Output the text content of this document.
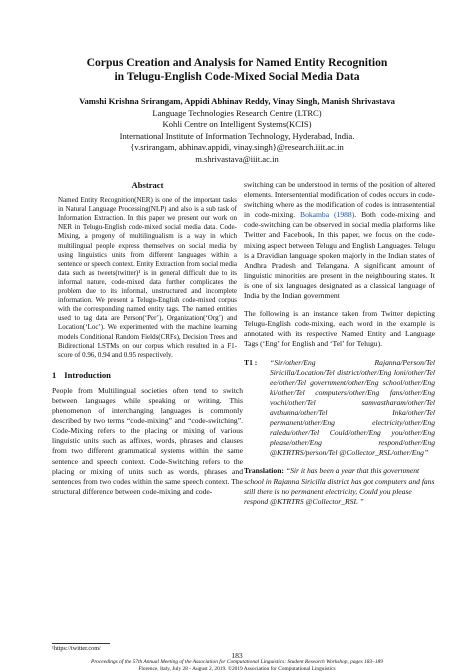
Corpus Creation and Analysis for Named Entity Recognition
in Telugu-English Code-Mixed Social Media Data
Vamshi Krishna Srirangam, Appidi Abhinav Reddy, Vinay Singh, Manish Shrivastava
Language Technologies Research Centre (LTRC)
Kohli Centre on Intelligent Systems(KCIS)
International Institute of Information Technology, Hyderabad, India.
{v.srirangam, abhinav.appidi, vinay.singh}@research.iiit.ac.in
m.shrivastava@iiit.ac.in
Abstract

Named Entity Recognition(NER) is one of the important tasks in Natural Language Processing(NLP) and also is a sub task of Information Extraction. In this paper we present our work on NER in Telugu-English code-mixed social media data. Code-Mixing, a progeny of multilingualism is a way in which multilingual people express themselves on social media by using linguistics units from different languages within a sentence or speech context. Entity Extraction from social media data such as tweets(twitter)¹ is in general difficult due to its informal nature, code-mixed data further complicates the problem due to its informal, unstructured and incomplete information. We present a Telugu-English code-mixed corpus with the corresponding named entity tags. The named entities used to tag data are Person(‘Per’), Organization(‘Org’) and Location(‘Loc’). We experimented with the machine learning models Conditional Random Fields(CRFs), Decision Trees and Bidirectional LSTMs on our corpus which resulted in a F1-score of 0.96, 0.94 and 0.95 respectively.

1 Introduction

People from Multilingual societies often tend to switch between languages while speaking or writing. This phenomenon of interchanging languages is commonly described by two terms “code-mixing” and “code-switching”. Code-Mixing refers to the placing or mixing of various linguistic units such as affixes, words, phrases and clauses from two different grammatical systems within the same sentence and speech context. Code-Switching refers to the placing or mixing of units such as words, phrases and sentences from two codes within the same speech context. The structural difference between code-mixing and code-

switching can be understood in terms of the position of altered elements. Intersentential modification of codes occurs in code-switching where as the modification of codes is intrasentential in code-mixing. Bokamba (1988). Both code-mixing and code-switching can be observed in social media platforms like Twitter and Facebook, In this paper, we focus on the code-mixing aspect between Telugu and English Languages. Telugu is a Dravidian language spoken majorly in the Indian states of Andhra Pradesh and Telangana. A significant amount of linguistic minorities are present in the neighbouring states. It is one of six languages designated as a classical language of India by the Indian government

The following is an instance taken from Twitter depicting Telugu-English code-mixing, each word in the example is annotated with its respective Named Entity and Language Tags (‘Eng’ for English and ‘Tel’ for Telugu).

T1 :	“Sir/other/Eng Rajanna/Person/Tel Siricilla/Location/Tel district/other/Eng loni/other/Tel ee/other/Tel government/other/Eng school/other/Eng ki/other/Tel computers/other/Eng fans/other/Eng vochi/other/Tel samvastharam/other/Tel avthunna/other/Tel Inka/other/Tel permanent/other/Eng electricity/other/Eng raledu/other/Tel Could/other/Eng you/other/Eng please/other/Eng respond/other/Eng @KTRTRS/person/Tel @Collector_RSL/other/Eng”
Translation: “Sir it has been a year that this government school in Rajanna Siricilla district has got computers and fans still there is no permanent electricity, Could you please respond @KTRTRS @Collector_RSL ”
¹https://twitter.com/
183
Proceedings of the 57th Annual Meeting of the Association for Computational Linguistics: Student Research Workshop, pages 183–189
Florence, Italy, July 28 - August 2, 2019. ©2019 Association for Computational Linguistics
